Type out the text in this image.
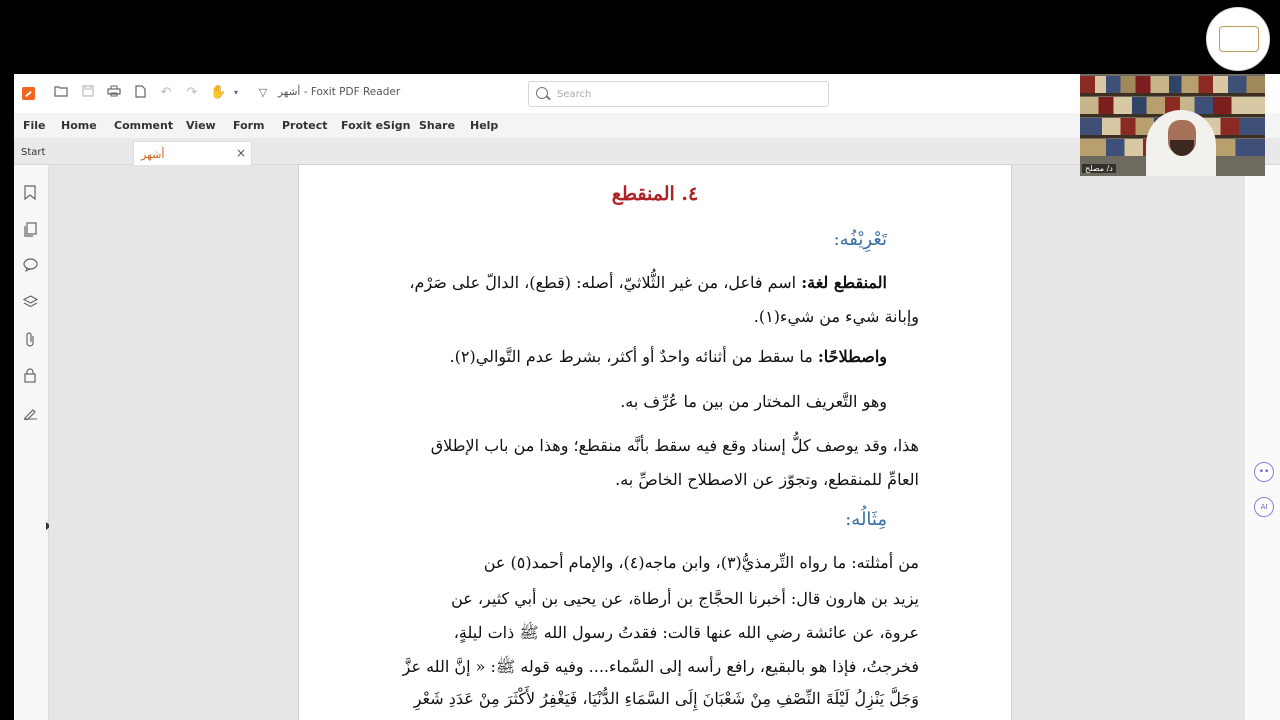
↶ ↷ ✋ ▾	▽	أشهر - Foxit PDF Reader
Search
File Home Comment View Form Protect Foxit eSign Share Help
Start	أشهر	×
٤. المنقطع
تَعْرِيْفُه:
المنقطع لغة: اسم فاعل، من غير الثُّلاثيّ، أصله: (قطع)، الدالّ على صَرْم،
وإبانة شيء من شيء(١).
واصطلاحًا: ما سقط من أثنائه واحدٌ أو أكثر، بشرط عدم التَّوالي(٢).
وهو التَّعريف المختار من بين ما عُرِّف به.
هذا، وقد يوصف كلُّ إسناد وقع فيه سقط بأنَّه منقطع؛ وهذا من باب الإطلاق
العامِّ للمنقطع، وتجوّز عن الاصطلاح الخاصِّ به.
مِثَالُه:
من أمثلته: ما رواه التِّرمذيُّ(٣)، وابن ماجه(٤)، والإمام أحمد(٥) عن
يزيد بن هارون قال: أخبرنا الحجَّاج بن أرطاة، عن يحيى بن أبي كثير، عن
عروة، عن عائشة رضي الله عنها قالت: فقدتُ رسول الله ﷺ ذات ليلةٍ،
فخرجتُ، فإذا هو بالبقيع، رافع رأسه إلى السَّماء.... وفيه قوله ﷺ: « إنَّ الله عزَّ
وَجَلَّ يَنْزِلُ لَيْلَةَ النِّصْفِ مِنْ شَعْبَانَ إِلَى السَّمَاءِ الدُّنْيَا، فَيَغْفِرُ لأَكْثَرَ مِنْ عَدَدِ شَعْرِ
••
AI
د/ مصلح
